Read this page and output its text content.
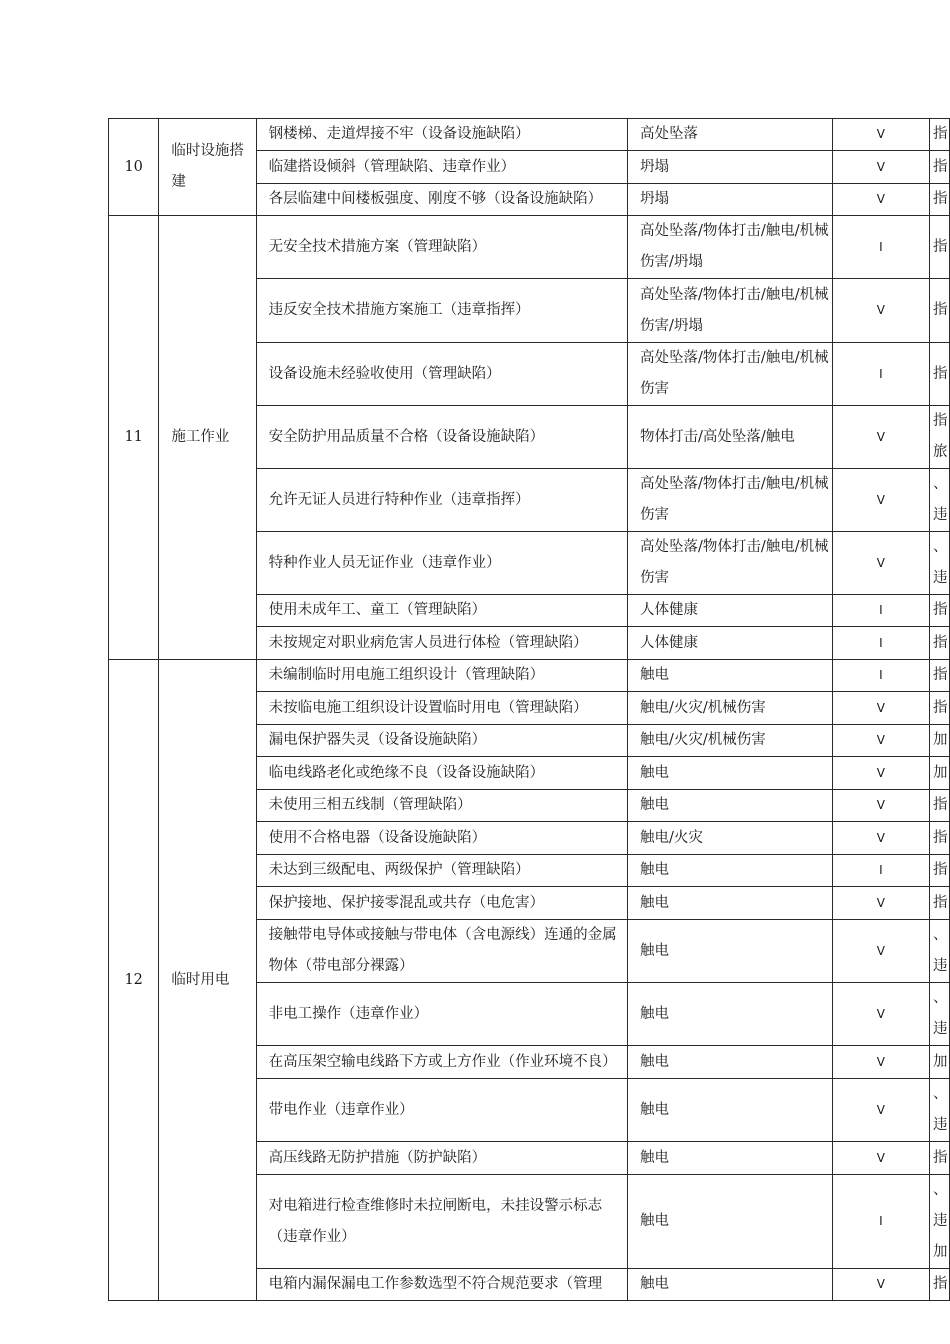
10	临时设施搭建	钢楼梯、走道焊接不牢（设备设施缺陷）	高处坠落	V	指
		临建搭设倾斜（管理缺陷、违章作业）	坍塌	V	指
		各层临建中间楼板强度、刚度不够（设备设施缺陷）	坍塌	V	指
11	施工作业	无安全技术措施方案（管理缺陷）	高处坠落/物体打击/触电/机械伤害/坍塌	I	指
		违反安全技术措施方案施工（违章指挥）	高处坠落/物体打击/触电/机械伤害/坍塌	V	指
		设备设施未经验收使用（管理缺陷）	高处坠落/物体打击/触电/机械伤害	I	指
		安全防护用品质量不合格（设备设施缺陷）	物体打击/高处坠落/触电	V	指旅
		允许无证人员进行特种作业（违章指挥）	高处坠落/物体打击/触电/机械伤害	V	、违
		特种作业人员无证作业（违章作业）	高处坠落/物体打击/触电/机械伤害	V	、违
		使用未成年工、童工（管理缺陷）	人体健康	I	指
		未按规定对职业病危害人员进行体检（管理缺陷）	人体健康	I	指
12	临时用电	未编制临时用电施工组织设计（管理缺陷）	触电	I	指
		未按临电施工组织设计设置临时用电（管理缺陷）	触电/火灾/机械伤害	V	指
		漏电保护器失灵（设备设施缺陷）	触电/火灾/机械伤害	V	加
		临电线路老化或绝缘不良（设备设施缺陷）	触电	V	加
		未使用三相五线制（管理缺陷）	触电	V	指
		使用不合格电器（设备设施缺陷）	触电/火灾	V	指
		未达到三级配电、两级保护（管理缺陷）	触电	I	指
		保护接地、保护接零混乱或共存（电危害）	触电	V	指
		接触带电导体或接触与带电体（含电源线）连通的金属物体（带电部分裸露）	触电	V	、违
		非电工操作（违章作业）	触电	V	、违
		在高压架空输电线路下方或上方作业（作业环境不良）	触电	V	加
		带电作业（违章作业）	触电	V	、违
		高压线路无防护措施（防护缺陷）	触电	V	指
		对电箱进行检查维修时未拉闸断电，未挂设警示标志（违章作业）	触电	I	、违加
		电箱内漏保漏电工作参数选型不符合规范要求（管理	触电	V	指
